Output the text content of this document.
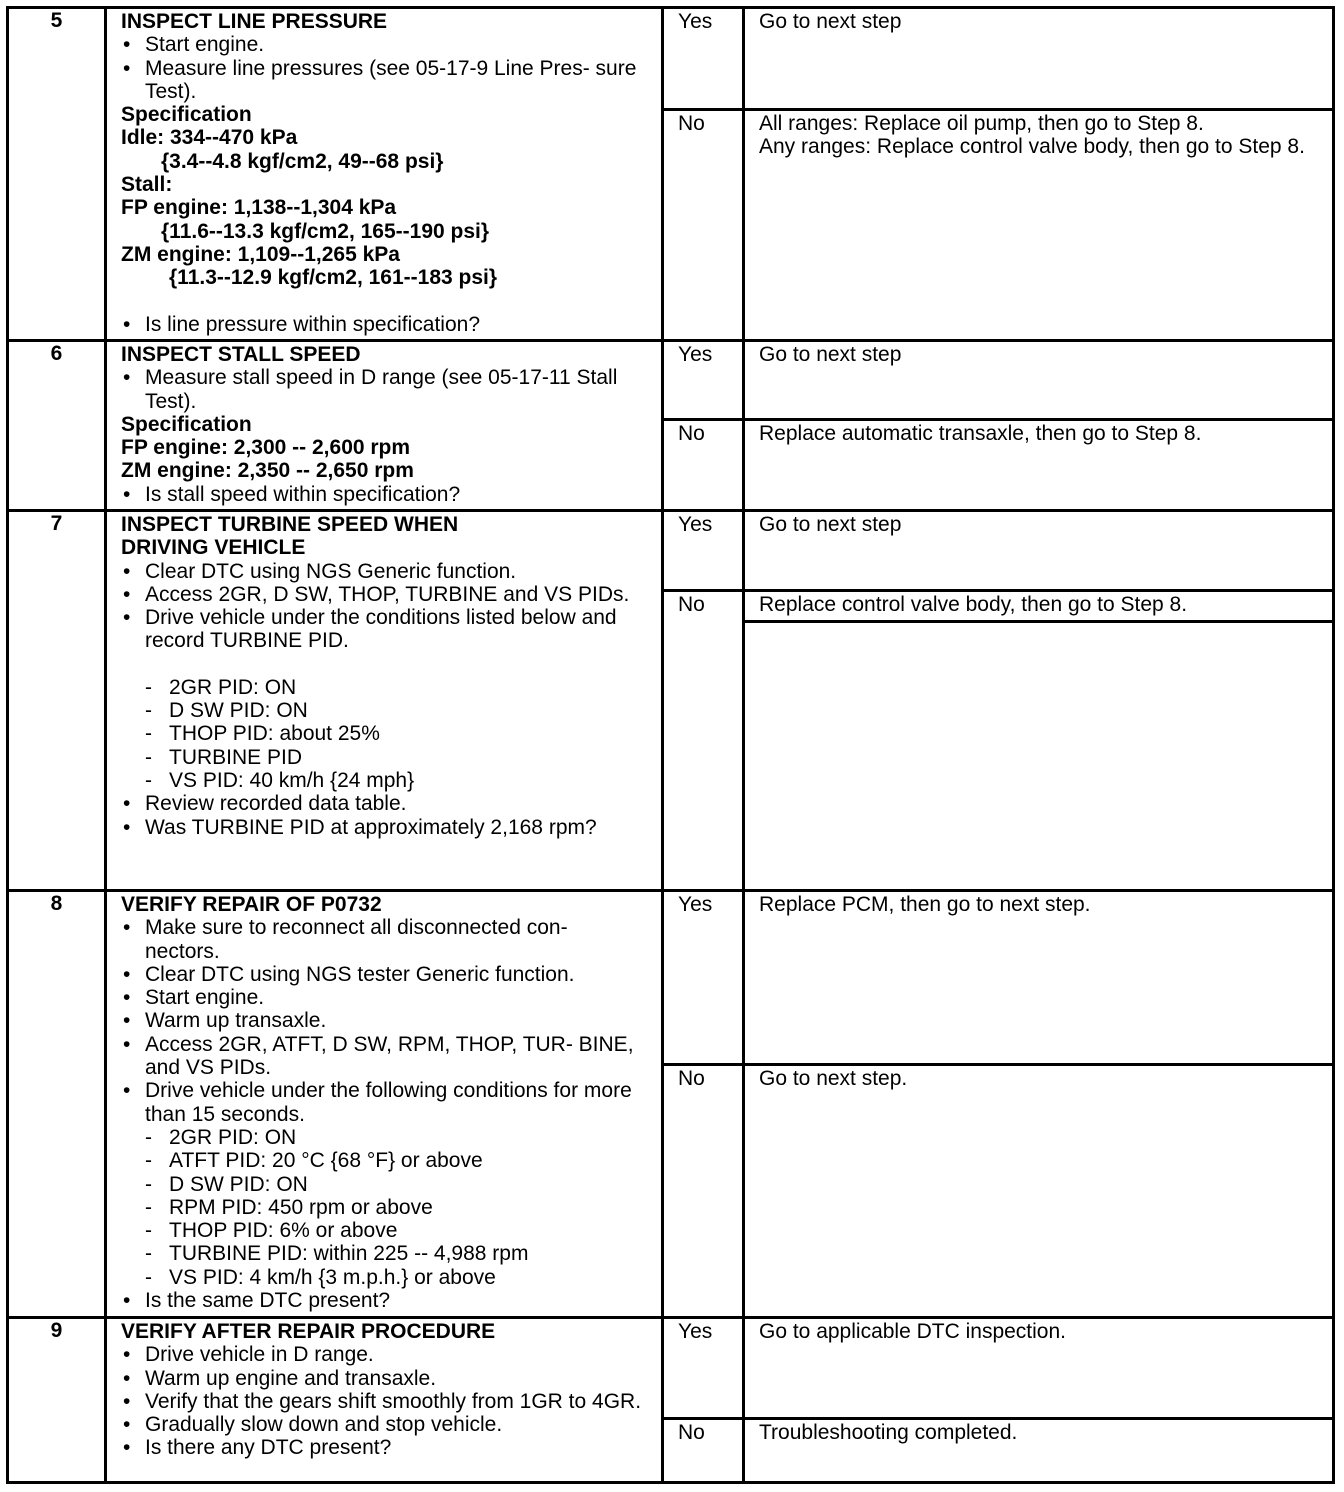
5	INSPECT LINE PRESSURE
• Start engine.
• Measure line pressures (see 05-17-9 Line Pres- sure Test).
Specification
Idle: 334--470 kPa
{3.4--4.8 kgf/cm2, 49--68 psi}
Stall:
FP engine: 1,138--1,304 kPa
{11.6--13.3 kgf/cm2, 165--190 psi}
ZM engine: 1,109--1,265 kPa
{11.3--12.9 kgf/cm2, 161--183 psi}
• Is line pressure within specification?
Yes	Go to next step
No	All ranges: Replace oil pump, then go to Step 8.
Any ranges: Replace control valve body, then go to Step 8.
6	INSPECT STALL SPEED
• Measure stall speed in D range (see 05-17-11 Stall Test).
Specification
FP engine: 2,300 -- 2,600 rpm
ZM engine: 2,350 -- 2,650 rpm
• Is stall speed within specification?
Yes	Go to next step
No	Replace automatic transaxle, then go to Step 8.
7	INSPECT TURBINE SPEED WHEN DRIVING VEHICLE
• Clear DTC using NGS Generic function.
• Access 2GR, D SW, THOP, TURBINE and VS PIDs.
• Drive vehicle under the conditions listed below and record TURBINE PID.
- 2GR PID: ON
- D SW PID: ON
- THOP PID: about 25%
- TURBINE PID
- VS PID: 40 km/h {24 mph}
• Review recorded data table.
• Was TURBINE PID at approximately 2,168 rpm?
Yes	Go to next step
No	Replace control valve body, then go to Step 8.
8	VERIFY REPAIR OF P0732
• Make sure to reconnect all disconnected con- nectors.
• Clear DTC using NGS tester Generic function.
• Start engine.
• Warm up transaxle.
• Access 2GR, ATFT, D SW, RPM, THOP, TUR- BINE, and VS PIDs.
• Drive vehicle under the following conditions for more than 15 seconds.
- 2GR PID: ON
- ATFT PID: 20 °C {68 °F} or above
- D SW PID: ON
- RPM PID: 450 rpm or above
- THOP PID: 6% or above
- TURBINE PID: within 225 -- 4,988 rpm
- VS PID: 4 km/h {3 m.p.h.} or above
• Is the same DTC present?
Yes	Replace PCM, then go to next step.
No	Go to next step.
9	VERIFY AFTER REPAIR PROCEDURE
• Drive vehicle in D range.
• Warm up engine and transaxle.
• Verify that the gears shift smoothly from 1GR to 4GR.
• Gradually slow down and stop vehicle.
• Is there any DTC present?
Yes	Go to applicable DTC inspection.
No	Troubleshooting completed.
